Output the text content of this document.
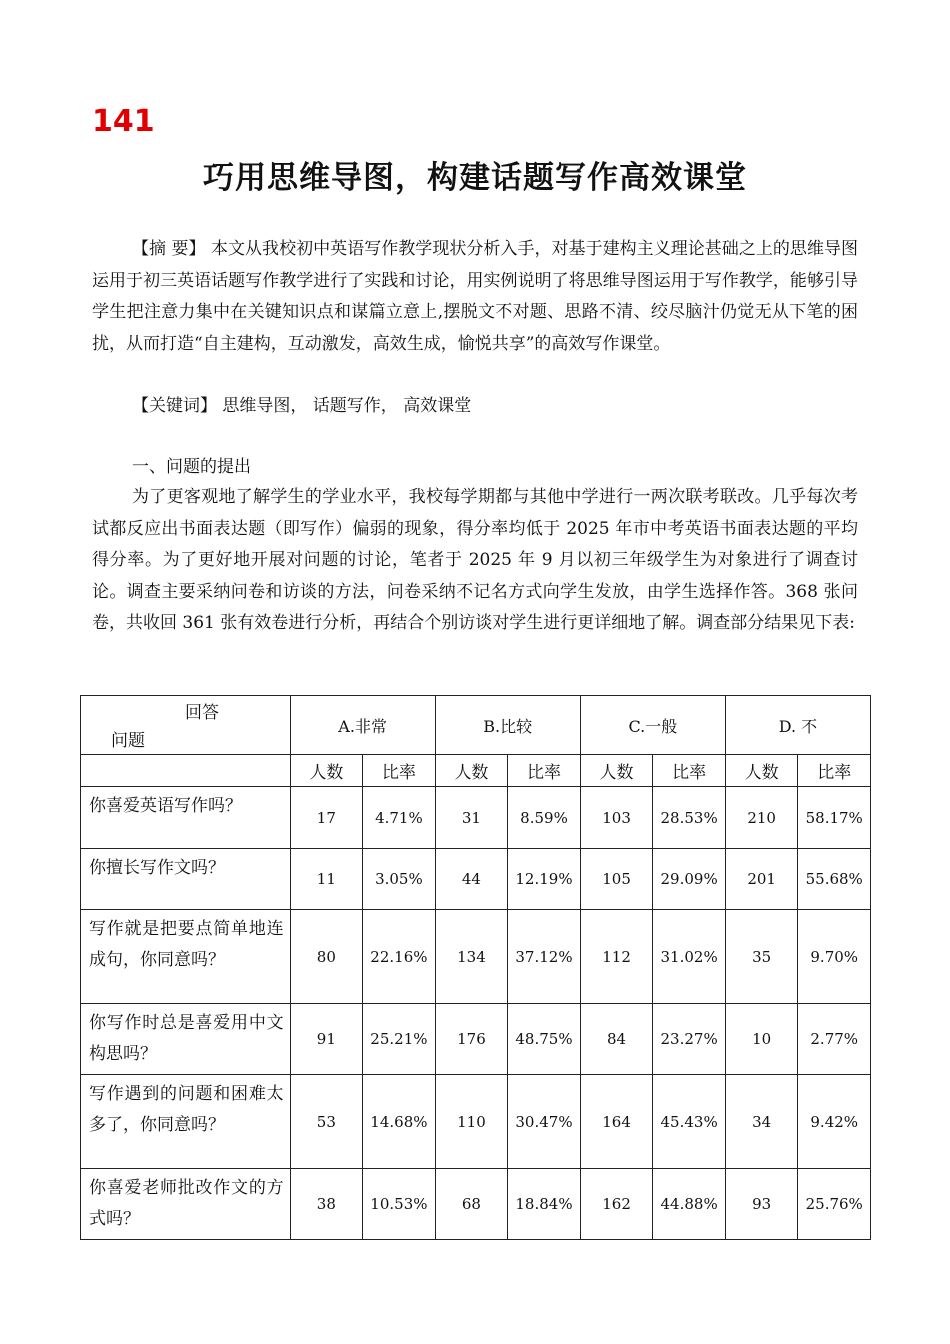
141
巧用思维导图，构建话题写作高效课堂
【摘 要】 本文从我校初中英语写作教学现状分析入手，对基于建构主义理论甚础之上的思维导图运用于初三英语话题写作教学进行了实践和讨论，用实例说明了将思维导图运用于写作教学，能够引导学生把注意力集中在关键知识点和谋篇立意上,摆脱文不对题、思路不清、绞尽脑汁仍觉无从下笔的困扰，从而打造“自主建构，互动激发，高效生成，愉悦共享”的高效写作课堂。
【关键词】 思维导图， 话题写作， 高效课堂
一、问题的提出
为了更客观地了解学生的学业水平，我校每学期都与其他中学进行一两次联考联改。几乎每次考试都反应出书面表达题（即写作）偏弱的现象，得分率均低于 2025 年市中考英语书面表达题的平均得分率。为了更好地开展对问题的讨论，笔者于 2025 年 9 月以初三年级学生为对象进行了调查讨论。调查主要采纳问卷和访谈的方法，问卷采纳不记名方式向学生发放，由学生选择作答。368 张问卷，共收回 361 张有效卷进行分析，再结合个别访谈对学生进行更详细地了解。调查部分结果见下表:
回答
问题	A.非常		B.比较		C.一般		D. 不	
	人数	比率	人数	比率	人数	比率	人数	比率
你喜爱英语写作吗？	17	4.71%	31	8.59%	103	28.53%	210	58.17%
你擅长写作文吗？	11	3.05%	44	12.19%	105	29.09%	201	55.68%
写作就是把要点简单地连成句，你同意吗？	80	22.16%	134	37.12%	112	31.02%	35	9.70%
你写作时总是喜爱用中文构思吗？	91	25.21%	176	48.75%	84	23.27%	10	2.77%
写作遇到的问题和困难太多了，你同意吗？	53	14.68%	110	30.47%	164	45.43%	34	9.42%
你喜爱老师批改作文的方式吗？	38	10.53%	68	18.84%	162	44.88%	93	25.76%
